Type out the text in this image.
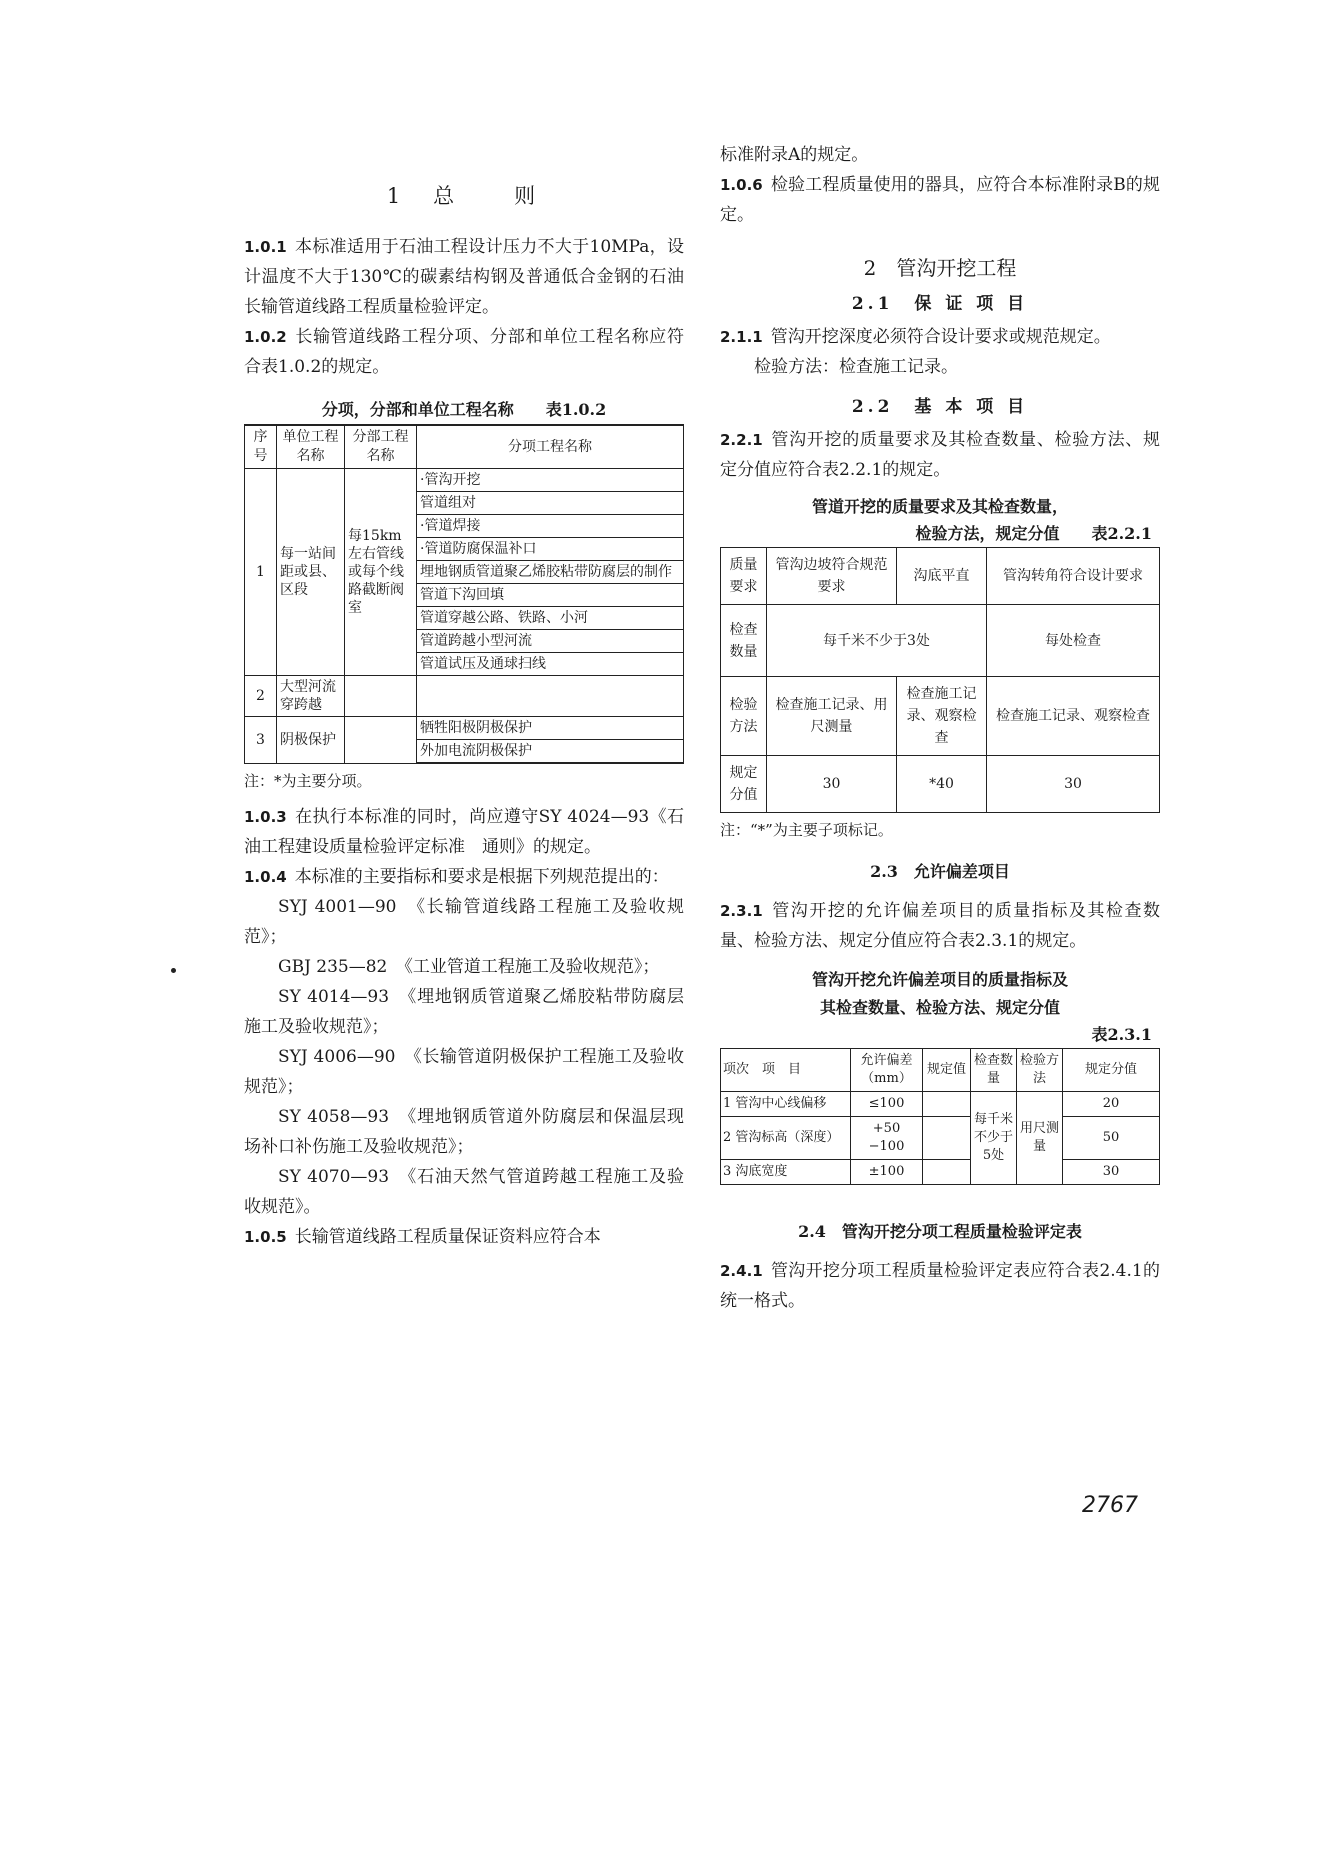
1　总　　则

1.0.1 本标准适用于石油工程设计压力不大于10MPa，设计温度不大于130℃的碳素结构钢及普通低合金钢的石油长输管道线路工程质量检验评定。

1.0.2 长输管道线路工程分项、分部和单位工程名称应符合表1.0.2的规定。

分项，分部和单位工程名称　　表1.0.2
序号	单位工程名称	分部工程名称	分项工程名称
1	每一站间距或县、区段	每15km左右管线或每个线路截断阀室	·管沟开挖
			管道组对
			·管道焊接
			·管道防腐保温补口
			埋地钢质管道聚乙烯胶粘带防腐层的制作
			管道下沟回填
			管道穿越公路、铁路、小河
			管道跨越小型河流
			管道试压及通球扫线
2	大型河流穿跨越		
3	阴极保护		牺牲阳极阴极保护
			外加电流阴极保护
注：*为主要分项。

1.0.3 在执行本标准的同时，尚应遵守SY 4024—93《石油工程建设质量检验评定标准　通则》的规定。

1.0.4 本标准的主要指标和要求是根据下列规范提出的：

SYJ 4001—90　《长输管道线路工程施工及验收规范》；

GBJ 235—82　《工业管道工程施工及验收规范》；

SY 4014—93　《埋地钢质管道聚乙烯胶粘带防腐层施工及验收规范》；

SYJ 4006—90　《长输管道阴极保护工程施工及验收规范》；

SY 4058—93　《埋地钢质管道外防腐层和保温层现场补口补伤施工及验收规范》；

SY 4070—93　《石油天然气管道跨越工程施工及验收规范》。

1.0.5 长输管道线路工程质量保证资料应符合本

标准附录A的规定。

1.0.6 检验工程质量使用的器具，应符合本标准附录B的规定。

2　管沟开挖工程
2.1　保 证 项 目

2.1.1 管沟开挖深度必须符合设计要求或规范规定。

检验方法：检查施工记录。

2.2　基 本 项 目

2.2.1 管沟开挖的质量要求及其检查数量、检验方法、规定分值应符合表2.2.1的规定。

管道开挖的质量要求及其检查数量，
检验方法，规定分值　　表2.2.1
质量要求	管沟边坡符合规范要求	沟底平直	管沟转角符合设计要求
检查数量	每千米不少于3处		每处检查
检验方法	检查施工记录、用尺测量	检查施工记录、观察检查	检查施工记录、观察检查
规定分值	30	*40	30
注：“*”为主要子项标记。
2.3　允许偏差项目

2.3.1 管沟开挖的允许偏差项目的质量指标及其检查数量、检验方法、规定分值应符合表2.3.1的规定。

管沟开挖允许偏差项目的质量指标及
其检查数量、检验方法、规定分值
表2.3.1
项次　 项　目	允许偏差（mm）	规定值	检查数量	检验方法	规定分值
1 管沟中心线偏移	≤100		每千米不少于5处	用尺测量	20
2 管沟标高（深度）	+50 −100				50
3 沟底宽度	±100				30
2.4　管沟开挖分项工程质量检验评定表

2.4.1 管沟开挖分项工程质量检验评定表应符合表2.4.1的统一格式。

2767
